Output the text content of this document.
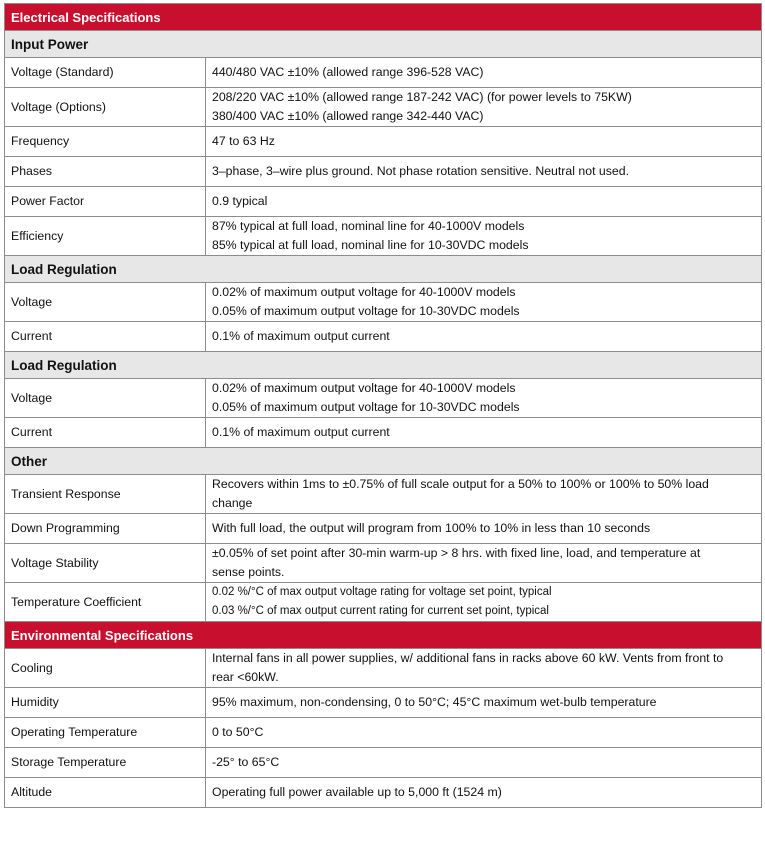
Electrical Specifications	
Input Power	
Voltage (Standard)	440/480 VAC ±10% (allowed range 396-528 VAC)

Voltage (Options)	208/220 VAC ±10% (allowed range 187-242 VAC) (for power levels to 75KW)
380/400 VAC ±10% (allowed range 342-440 VAC)

Frequency	47 to 63 Hz

Phases	3–phase, 3–wire plus ground. Not phase rotation sensitive. Neutral not used.

Power Factor	0.9 typical

Efficiency	87% typical at full load, nominal line for 40-1000V models
85% typical at full load, nominal line for 10-30VDC models

Load Regulation	
Voltage	0.02% of maximum output voltage for 40-1000V models
0.05% of maximum output voltage for 10-30VDC models

Current	0.1% of maximum output current

Load Regulation	
Voltage	0.02% of maximum output voltage for 40-1000V models
0.05% of maximum output voltage for 10-30VDC models

Current	0.1% of maximum output current

Other	
Transient Response	Recovers within 1ms to ±0.75% of full scale output for a 50% to 100% or 100% to 50% load
change

Down Programming	With full load, the output will program from 100% to 10% in less than 10 seconds

Voltage Stability	±0.05% of set point after 30-min warm-up > 8 hrs. with fixed line, load, and temperature at
sense points.

Temperature Coefficient	0.02 %/°C of max output voltage rating for voltage set point, typical
0.03 %/°C of max output current rating for current set point, typical

Environmental Specifications	
Cooling	Internal fans in all power supplies, w/ additional fans in racks above 60 kW. Vents from front to
rear <60kW.

Humidity	95% maximum, non-condensing, 0 to 50°C; 45°C maximum wet-bulb temperature

Operating Temperature	0 to 50°C

Storage Temperature	-25° to 65°C

Altitude	Operating full power available up to 5,000 ft (1524 m)
